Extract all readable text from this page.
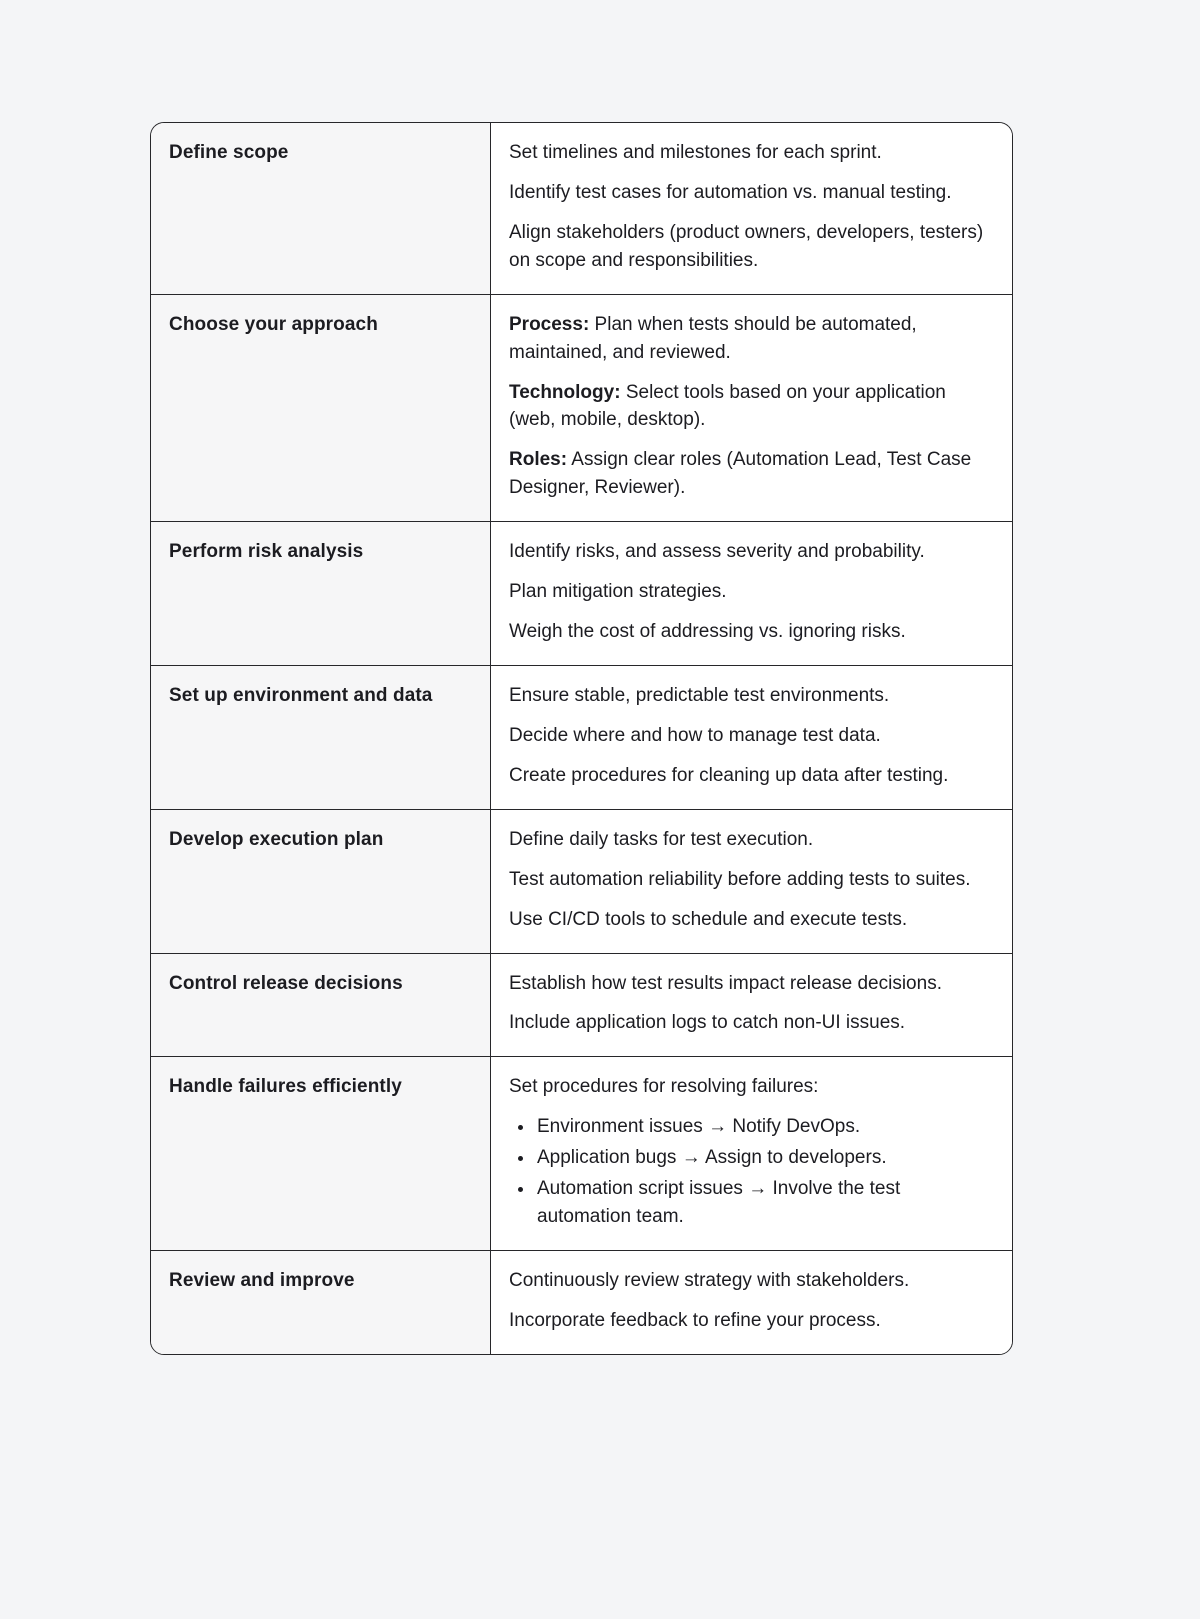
Define scope	Set timelines and milestones for each sprint.

Identify test cases for automation vs. manual testing.

Align stakeholders (product owners, developers, testers) on scope and responsibilities.

Choose your approach	Process: Plan when tests should be automated, maintained, and reviewed.

Technology: Select tools based on your application (web, mobile, desktop).

Roles: Assign clear roles (Automation Lead, Test Case Designer, Reviewer).

Perform risk analysis	Identify risks, and assess severity and probability.

Plan mitigation strategies.

Weigh the cost of addressing vs. ignoring risks.

Set up environment and data	Ensure stable, predictable test environments.

Decide where and how to manage test data.

Create procedures for cleaning up data after testing.

Develop execution plan	Define daily tasks for test execution.

Test automation reliability before adding tests to suites.

Use CI/CD tools to schedule and execute tests.

Control release decisions	Establish how test results impact release decisions.

Include application logs to catch non-UI issues.

Handle failures efficiently	Set procedures for resolving failures:

• Environment issues → Notify DevOps.
• Application bugs → Assign to developers.
• Automation script issues → Involve the test automation team.
Review and improve	Continuously review strategy with stakeholders.

Incorporate feedback to refine your process.
